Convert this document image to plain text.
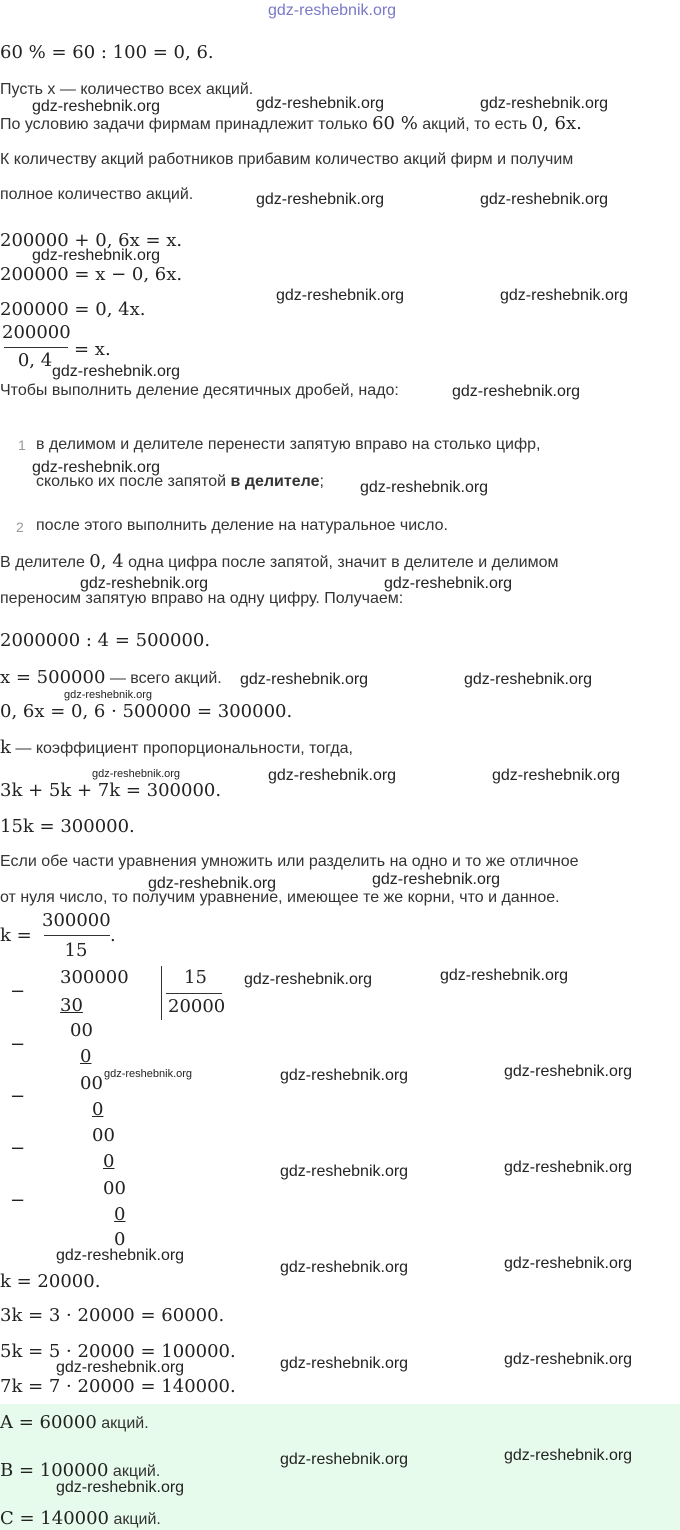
gdz-reshebnik.org
60 % = 60 : 100 = 0, 6.
Пусть x — количество всех акций.
gdz-reshebnik.org	gdz-reshebnik.org	gdz-reshebnik.org
По условию задачи фирмам принадлежит только 60 % акций, то есть 0, 6x.
К количеству акций работников прибавим количество акций фирм и получим
полное количество акций.	gdz-reshebnik.org	gdz-reshebnik.org
200000 + 0, 6x = x.
gdz-reshebnik.org
200000 = x − 0, 6x.
200000 = 0, 4x.
gdz-reshebnik.org	gdz-reshebnik.org
200000
0, 4
= x.
gdz-reshebnik.org
Чтобы выполнить деление десятичных дробей, надо:	gdz-reshebnik.org
1 в делимом и делителе перенести запятую вправо на столько цифр,
gdz-reshebnik.org
сколько их после запятой в делителе; gdz-reshebnik.org
2 после этого выполнить деление на натуральное число.
В делителе 0, 4 одна цифра после запятой, значит в делителе и делимом
gdz-reshebnik.org	gdz-reshebnik.org
переносим запятую вправо на одну цифру. Получаем:
2000000 : 4 = 500000.
x = 500000 — всего акций. gdz-reshebnik.org	gdz-reshebnik.org
gdz-reshebnik.org
0, 6x = 0, 6 · 500000 = 300000.
k — коэффициент пропорциональности, тогда,
gdz-reshebnik.org	gdz-reshebnik.org	gdz-reshebnik.org
3k + 5k + 7k = 300000.
15k = 300000.
Если обе части уравнения умножить или разделить на одно и то же отличное
gdz-reshebnik.org	gdz-reshebnik.org
от нуля число, то получим уравнение, имеющее те же корни, что и данное.
k =
300000
15
.
−
300000	15
20000
30
gdz-reshebnik.org	gdz-reshebnik.org
00
−
0
00 gdz-reshebnik.org	gdz-reshebnik.org	gdz-reshebnik.org
−
0
00
−
0
00
gdz-reshebnik.org	gdz-reshebnik.org
−
0
0
gdz-reshebnik.org
gdz-reshebnik.org	gdz-reshebnik.org
k = 20000.
3k = 3 · 20000 = 60000.
5k = 5 · 20000 = 100000.
gdz-reshebnik.org	gdz-reshebnik.org	gdz-reshebnik.org
7k = 7 · 20000 = 140000.
A = 60000 акций.
B = 100000 акций.
gdz-reshebnik.org	gdz-reshebnik.org
gdz-reshebnik.org
C = 140000 акций.
